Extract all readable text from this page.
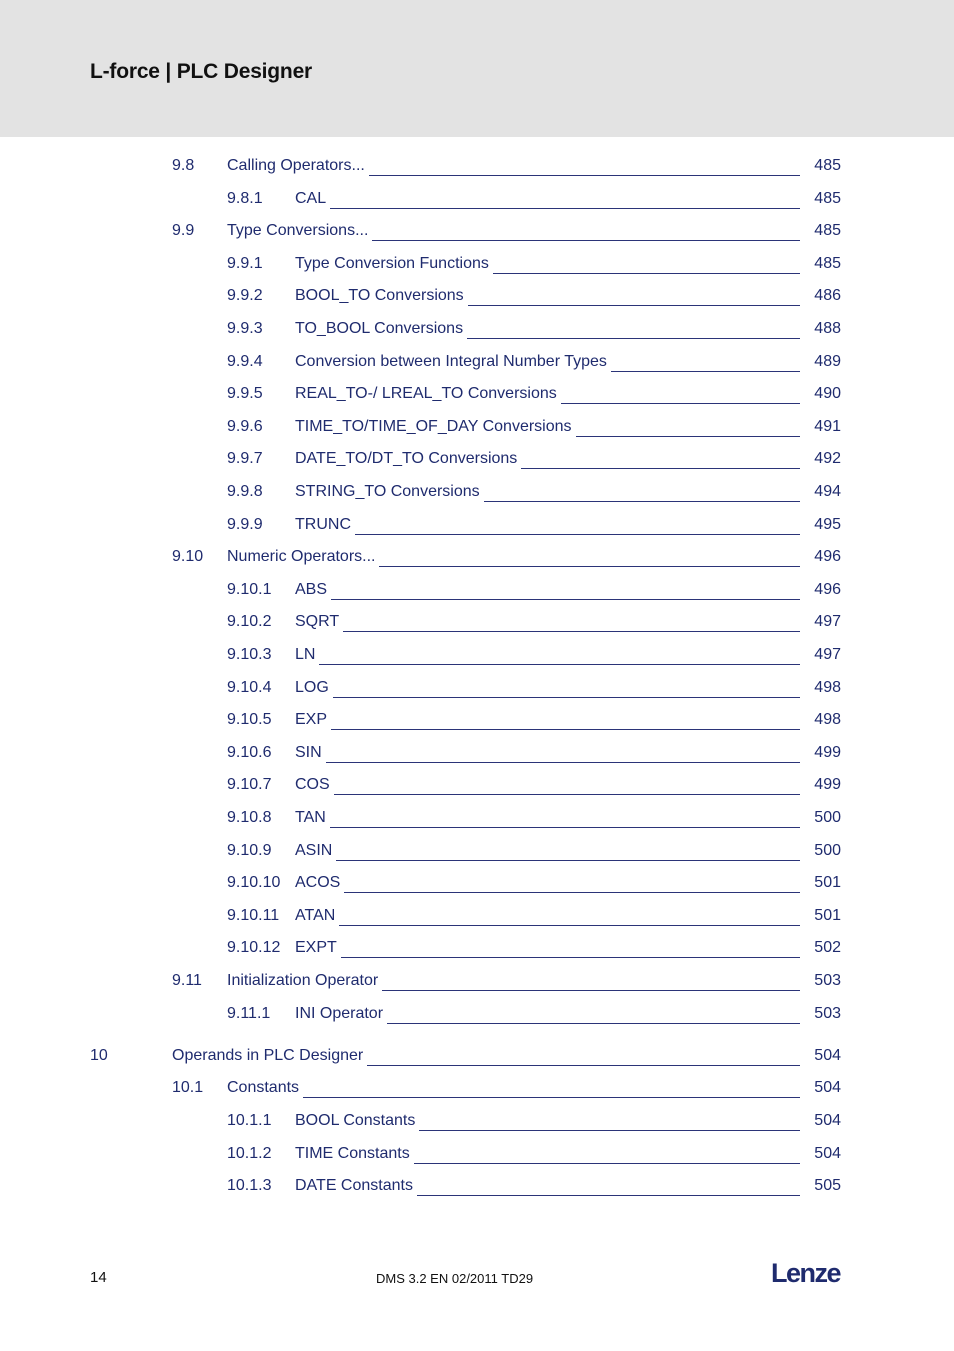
L-force | PLC Designer
9.8 Calling Operators...	485
9.8.1 CAL	485
9.9 Type Conversions...	485
9.9.1 Type Conversion Functions	485
9.9.2 BOOL_TO Conversions	486
9.9.3 TO_BOOL Conversions	488
9.9.4 Conversion between Integral Number Types	489
9.9.5 REAL_TO-/ LREAL_TO Conversions	490
9.9.6 TIME_TO/TIME_OF_DAY Conversions	491
9.9.7 DATE_TO/DT_TO Conversions	492
9.9.8 STRING_TO Conversions	494
9.9.9 TRUNC	495
9.10 Numeric Operators...	496
9.10.1 ABS	496
9.10.2 SQRT	497
9.10.3 LN	497
9.10.4 LOG	498
9.10.5 EXP	498
9.10.6 SIN	499
9.10.7 COS	499
9.10.8 TAN	500
9.10.9 ASIN	500
9.10.10 ACOS	501
9.10.11 ATAN	501
9.10.12 EXPT	502
9.11 Initialization Operator	503
9.11.1 INI Operator	503
10	Operands in PLC Designer	504
10.1 Constants	504
10.1.1 BOOL Constants	504
10.1.2 TIME Constants	504
10.1.3 DATE Constants	505
14	DMS 3.2 EN 02/2011 TD29	Lenze
